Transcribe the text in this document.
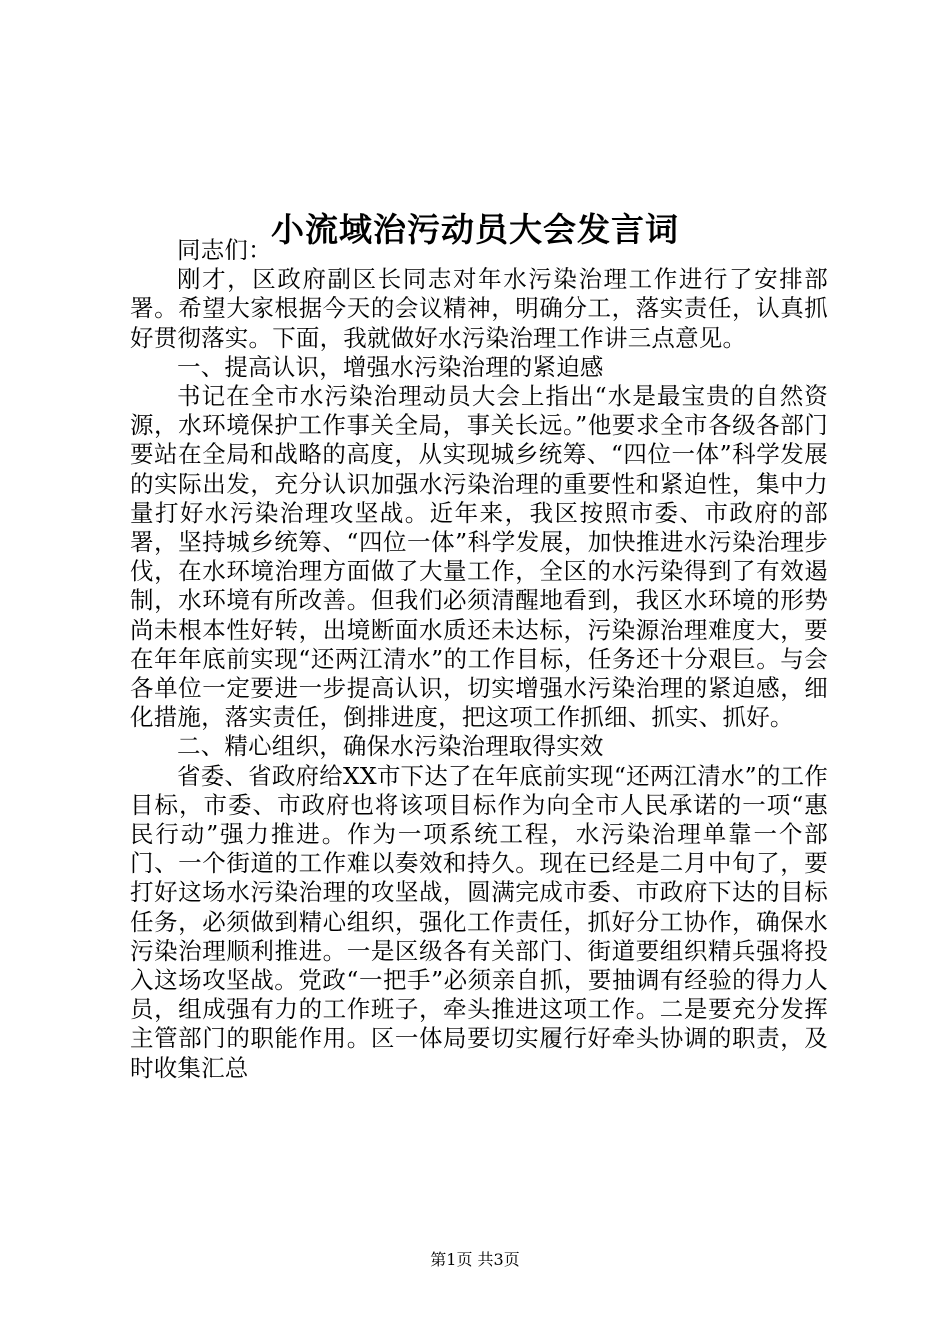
小流域治污动员大会发言词

同志们：

刚才，区政府副区长同志对年水污染治理工作进行了安排部署。希望大家根据今天的会议精神，明确分工，落实责任，认真抓好贯彻落实。下面，我就做好水污染治理工作讲三点意见。

一、提高认识，增强水污染治理的紧迫感

书记在全市水污染治理动员大会上指出“水是最宝贵的自然资源，水环境保护工作事关全局，事关长远。”他要求全市各级各部门要站在全局和战略的高度，从实现城乡统筹、“四位一体”科学发展的实际出发，充分认识加强水污染治理的重要性和紧迫性，集中力量打好水污染治理攻坚战。近年来，我区按照市委、市政府的部署，坚持城乡统筹、“四位一体”科学发展，加快推进水污染治理步伐，在水环境治理方面做了大量工作，全区的水污染得到了有效遏制，水环境有所改善。但我们必须清醒地看到，我区水环境的形势尚未根本性好转，出境断面水质还未达标，污染源治理难度大，要在年年底前实现“还两江清水”的工作目标，任务还十分艰巨。与会各单位一定要进一步提高认识，切实增强水污染治理的紧迫感，细化措施，落实责任，倒排进度，把这项工作抓细、抓实、抓好。

二、精心组织，确保水污染治理取得实效

省委、省政府给XX市下达了在年底前实现“还两江清水”的工作目标，市委、市政府也将该项目标作为向全市人民承诺的一项“惠民行动”强力推进。作为一项系统工程，水污染治理单靠一个部门、一个街道的工作难以奏效和持久。现在已经是二月中旬了，要打好这场水污染治理的攻坚战，圆满完成市委、市政府下达的目标任务，必须做到精心组织，强化工作责任，抓好分工协作，确保水污染治理顺利推进。一是区级各有关部门、街道要组织精兵强将投入这场攻坚战。党政“一把手”必须亲自抓，要抽调有经验的得力人员，组成强有力的工作班子，牵头推进这项工作。二是要充分发挥主管部门的职能作用。区一体局要切实履行好牵头协调的职责，及时收集汇总

第1页 共3页
